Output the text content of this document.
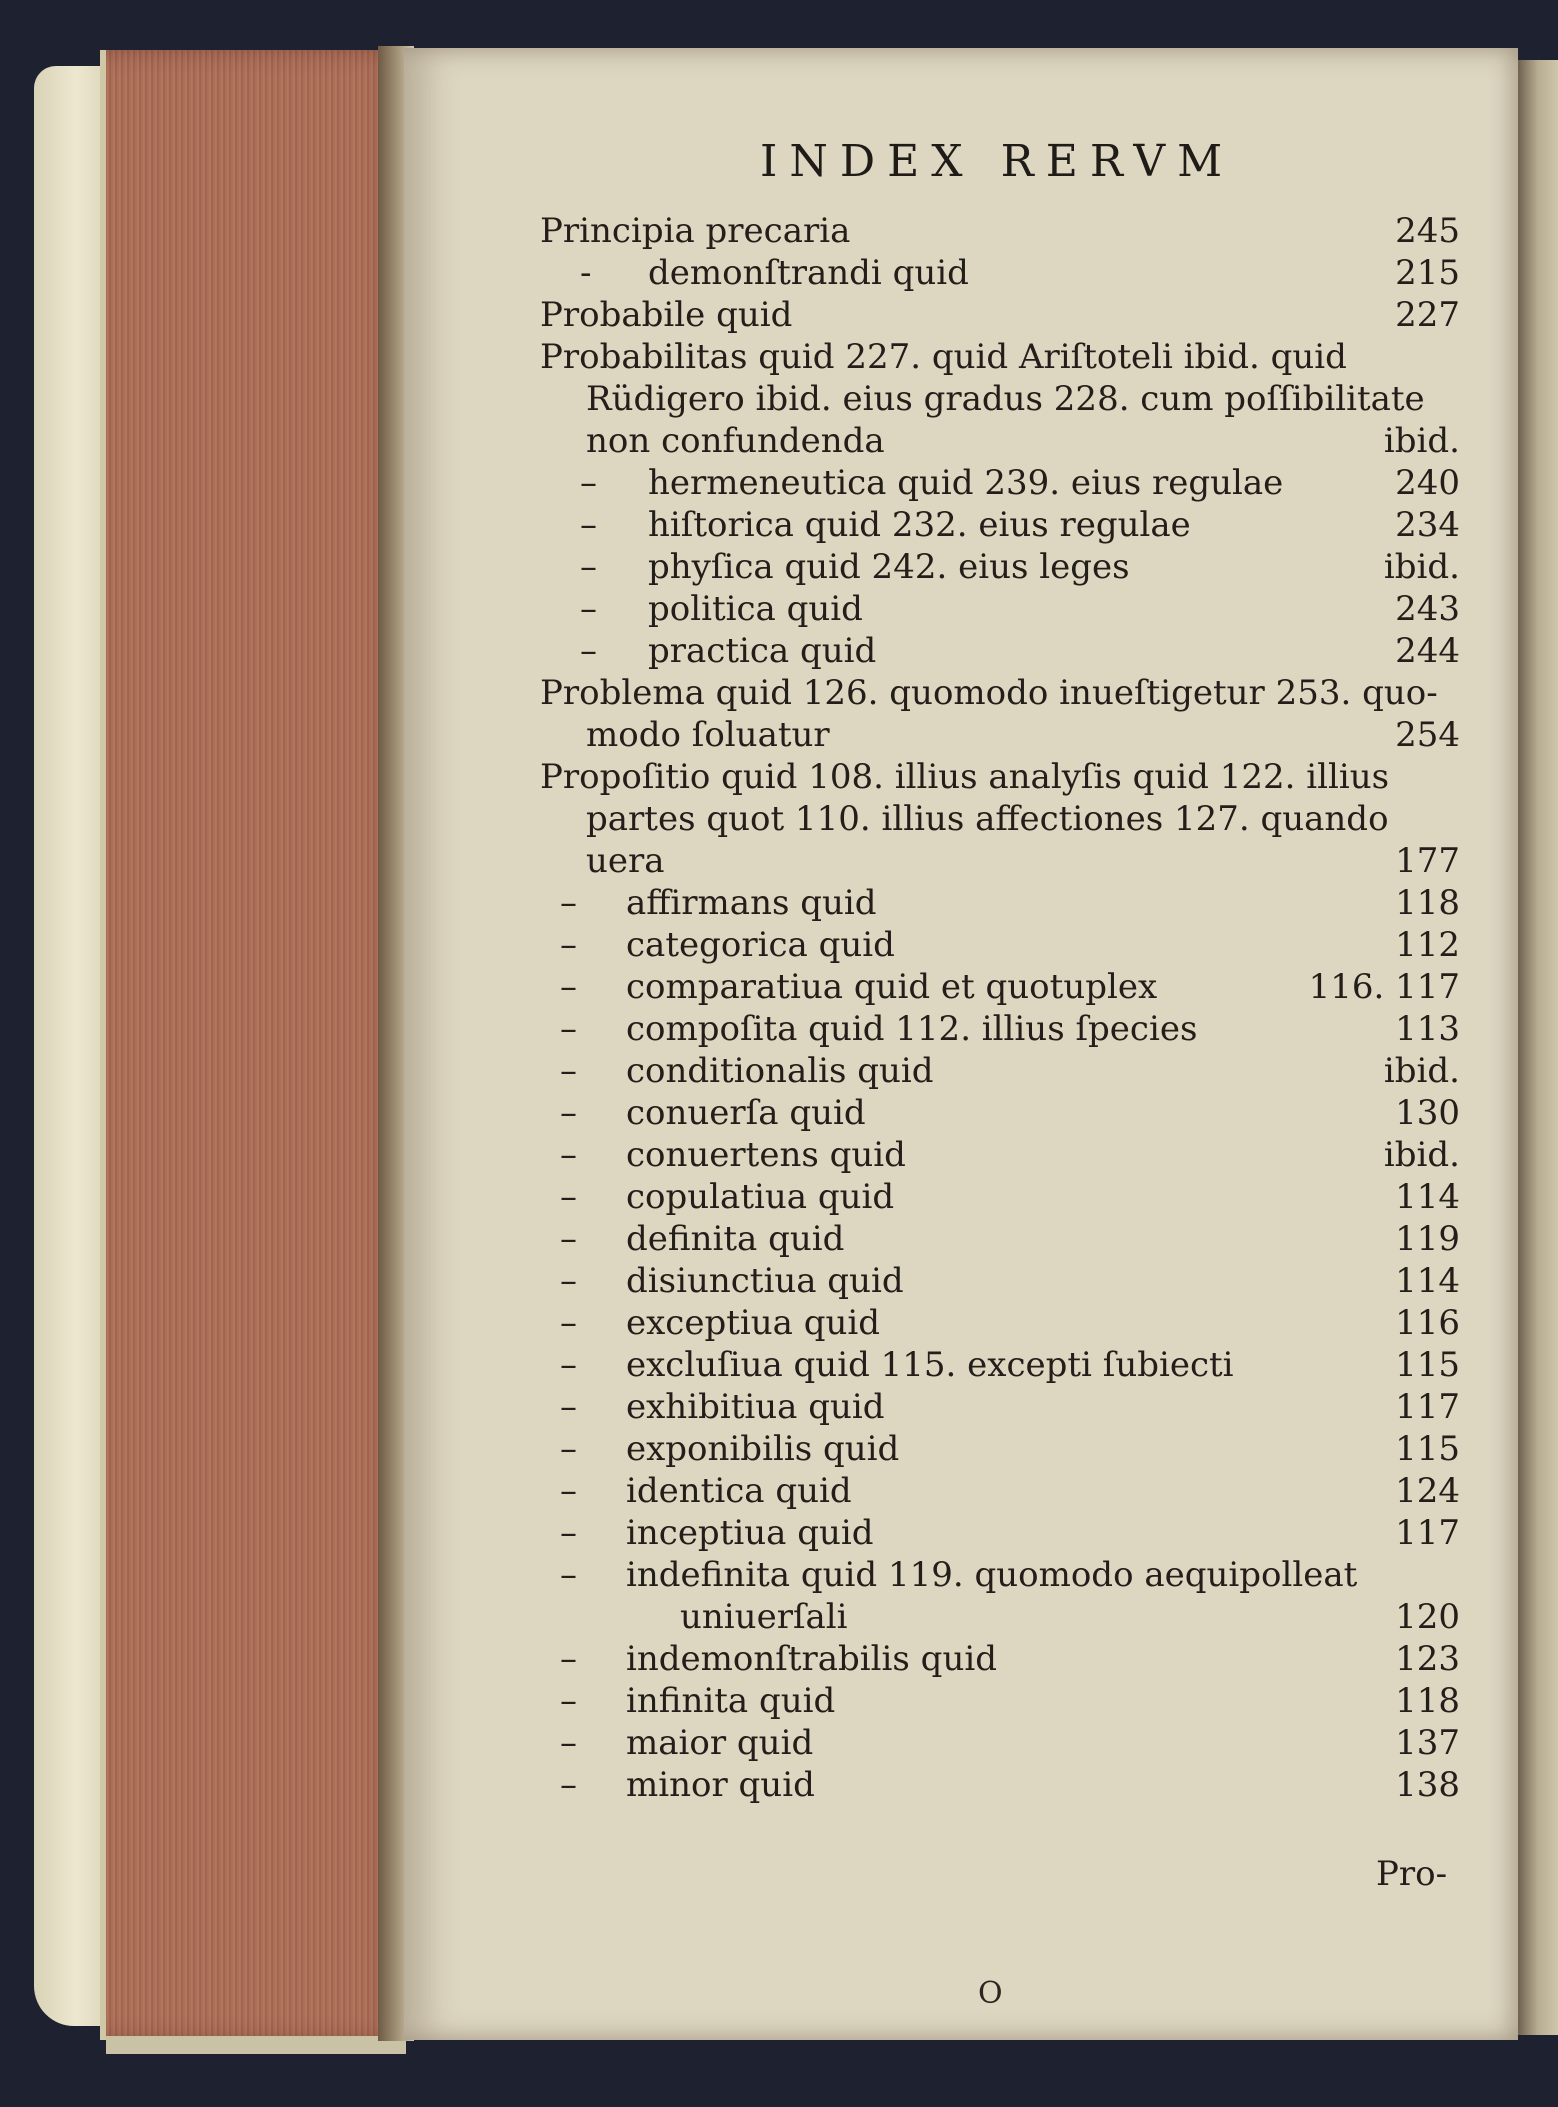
INDEX RERVM
Principia precaria	245
- demonſtrandi quid	215
Probabile quid	227
Probabilitas quid 227. quid Ariſtoteli ibid. quid
Rüdigero ibid. eius gradus 228. cum poſſibilitate
non confundenda	ibid.
– hermeneutica quid 239. eius regulae	240
– hiſtorica quid 232. eius regulae	234
– phyſica quid 242. eius leges	ibid.
– politica quid	243
– practica quid	244
Problema quid 126. quomodo inueſtigetur 253. quo-
modo ſoluatur	254
Propoſitio quid 108. illius analyſis quid 122. illius
partes quot 110. illius affectiones 127. quando
uera	177
– affirmans quid	118
– categorica quid	112
– comparatiua quid et quotuplex	116. 117
– compoſita quid 112. illius ſpecies	113
– conditionalis quid	ibid.
– conuerſa quid	130
– conuertens quid	ibid.
– copulatiua quid	114
– definita quid	119
– disiunctiua quid	114
– exceptiua quid	116
– excluſiua quid 115. excepti ſubiecti	115
– exhibitiua quid	117
– exponibilis quid	115
– identica quid	124
– inceptiua quid	117
– indefinita quid 119. quomodo aequipolleat
uniuerſali	120
– indemonſtrabilis quid	123
– infinita quid	118
– maior quid	137
– minor quid	138
Pro-
O
